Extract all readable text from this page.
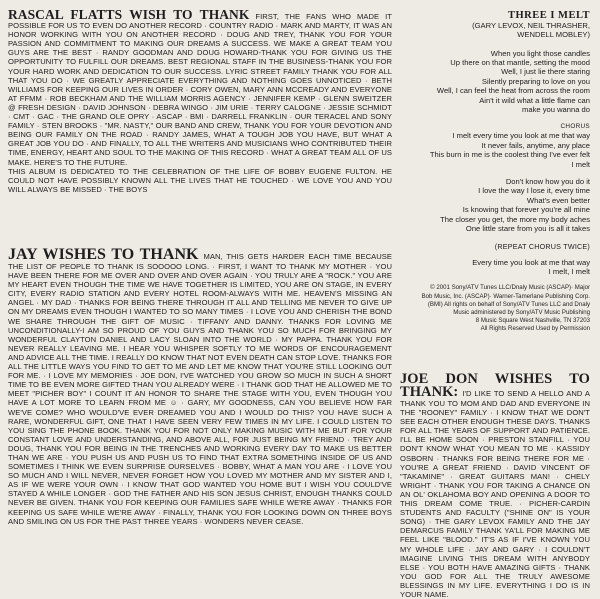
RASCAL FLATTS WISH TO THANK FIRST, THE FANS WHO MADE IT POSSIBLE FOR US TO EVEN DO ANOTHER RECORD · COUNTRY RADIO · MARK AND MARTY, IT WAS AN HONOR WORKING WITH YOU ON ANOTHER RECORD · DOUG AND TREY, THANK YOU FOR YOUR PASSION AND COMMITMENT TO MAKING OUR DREAMS A SUCCESS. WE MAKE A GREAT TEAM YOU GUYS ARE THE BEST · RANDY GOODMAN AND DOUG HOWARD-THANK YOU FOR GIVING US THE OPPORTUNITY TO FULFILL OUR DREAMS. BEST REGIONAL STAFF IN THE BUSINESS-THANK YOU FOR YOUR HARD WORK AND DEDICATION TO OUR SUCCESS. LYRIC STREET FAMILY THANK YOU FOR ALL THAT YOU DO · WE GREATLY APPRECIATE EVERYTHING AND NOTHING GOES UNNOTICED · BETH WILLIAMS FOR KEEPING OUR LIVES IN ORDER · CORY OWEN, MARY ANN MCCREADY AND EVERYONE AT FFMM · ROB BECKHAM AND THE WILLIAM MORRIS AGENCY · JENNIFER KEMP · GLENN SWEITZER @ FRESH DESIGN · DAVID JOHNSON · DEBRA WINGO · JIM URIE · TERRY CALOGNE · JESSIE SCHMIDT · CMT · GAC · THE GRAND OLE OPRY · ASCAP · BMI · DARRELL FRANKLIN · OUR TERACEL AND SONY FAMILY · STEN BROOKS · "MR. NASTY," OUR BAND AND CREW, THANK YOU FOR YOUR DEVOTION AND BEING OUR FAMILY ON THE ROAD · RANDY JAMES, WHAT A TOUGH JOB YOU HAVE, BUT WHAT A GREAT JOB YOU DO · AND FINALLY, TO ALL THE WRITERS AND MUSICIANS WHO CONTRIBUTED THEIR TIME, ENERGY, HEART AND SOUL TO THE MAKING OF THIS RECORD · WHAT A GREAT TEAM ALL OF US MAKE. HERE'S TO THE FUTURE.

THIS ALBUM IS DEDICATED TO THE CELEBRATION OF THE LIFE OF BOBBY EUGENE FULTON. HE COULD NOT HAVE POSSIBLY KNOWN ALL THE LIVES THAT HE TOUCHED · WE LOVE YOU AND YOU WILL ALWAYS BE MISSED · THE BOYS

JAY WISHES TO THANK MAN, THIS GETS HARDER EACH TIME BECAUSE THE LIST OF PEOPLE TO THANK IS SOOOOO LONG. · FIRST, I WANT TO THANK MY MOTHER · YOU HAVE BEEN THERE FOR ME OVER AND OVER AND OVER AGAIN · YOU TRULY ARE A "ROCK." YOU ARE MY HEART EVEN THOUGH THE TIME WE HAVE TOGETHER IS LIMITED, YOU ARE ON STAGE, IN EVERY CITY, EVERY RADIO STATION AND EVERY HOTEL ROOM-ALWAYS WITH ME. HEAVEN'S MISSING AN ANGEL · MY DAD · THANKS FOR BEING THERE THROUGH IT ALL AND TELLING ME NEVER TO GIVE UP ON MY DREAMS EVEN THOUGH I WANTED TO SO MANY TIMES · I LOVE YOU AND CHERISH THE BOND WE SHARE THROUGH THE GIFT OF MUSIC · TIFFANY AND DANNY. THANKS FOR LOVING ME UNCONDITIONALLY-I AM SO PROUD OF YOU GUYS AND THANK YOU SO MUCH FOR BRINGING MY WONDERFUL CLAYTON DANIEL AND LACY SLOAN INTO THE WORLD · MY PAPPA. THANK YOU FOR NEVER REALLY LEAVING ME. I HEAR YOU WHISPER SOFTLY TO ME WORDS OF ENCOURAGEMENT AND ADVICE ALL THE TIME. I REALLY DO KNOW THAT NOT EVEN DEATH CAN STOP LOVE. THANKS FOR ALL THE LITTLE WAYS YOU FIND TO GET TO ME AND LET ME KNOW THAT YOU'RE STILL LOOKING OUT FOR ME. · I LOVE MY MEMORIES · JOE DON, I'VE WATCHED YOU GROW SO MUCH IN SUCH A SHORT TIME TO BE EVEN MORE GIFTED THAN YOU ALREADY WERE · I THANK GOD THAT HE ALLOWED ME TO MEET "PICHER BOY" I COUNT IT AN HONOR TO SHARE THE STAGE WITH YOU, EVEN THOUGH YOU HAVE A LOT MORE TO LEARN FROM ME ☺ · GARY, MY GOODNESS, CAN YOU BELIEVE HOW FAR WE'VE COME? WHO WOULD'VE EVER DREAMED YOU AND I WOULD DO THIS? YOU HAVE SUCH A RARE, WONDERFUL GIFT, ONE THAT I HAVE SEEN VERY FEW TIMES IN MY LIFE. I COULD LISTEN TO YOU SING THE PHONE BOOK. THANK YOU FOR NOT ONLY MAKING MUSIC WITH ME BUT FOR YOUR CONSTANT LOVE AND UNDERSTANDING, AND ABOVE ALL, FOR JUST BEING MY FRIEND · TREY AND DOUG, THANK YOU FOR BEING IN THE TRENCHES AND WORKING EVERY DAY TO MAKE US BETTER THAN WE ARE · YOU PUSH US AND PUSH US TO FIND THAT EXTRA SOMETHING INSIDE OF US AND SOMETIMES I THINK WE EVEN SURPRISE OURSELVES · BOBBY, WHAT A MAN YOU ARE · I LOVE YOU SO MUCH AND I WILL NEVER, NEVER FORGET HOW YOU LOVED MY MOTHER AND MY SISTER AND I, AS IF WE WERE YOUR OWN · I KNOW THAT GOD WANTED YOU HOME BUT I WISH YOU COULD'VE STAYED A WHILE LONGER · GOD THE FATHER AND HIS SON JESUS CHRIST, ENOUGH THANKS COULD NEVER BE GIVEN. THANK YOU FOR KEEPING OUR FAMILIES SAFE WHILE WE'RE AWAY · THANKS FOR KEEPING US SAFE WHILE WE'RE AWAY · FINALLY, THANK YOU FOR LOOKING DOWN ON THREE BOYS AND SMILING ON US FOR THE PAST THREE YEARS · WONDERS NEVER CEASE.

THREE I MELT

(GARY LEVOX, NEIL THRASHER,

WENDELL MOBLEY)

When you light those candles
Up there on that mantle, setting the mood
Well, I just lie there staring
Silently preparing to love on you
Well, I can feel the heat from across the room
Ain't it wild what a little flame can
make you wanna do
CHORUS
I melt every time you look at me that way
It never fails, anytime, any place
This burn in me is the coolest thing I've ever felt
I melt
Don't know how you do it
I love the way I lose it, every time
What's even better
Is knowing that forever you're all mine
The closer you get, the more my body aches
One little stare from you is all it takes
(REPEAT CHORUS TWICE)
Every time you look at me that way
I melt, I melt
© 2001 Sony/ATV Tunes LLC/Dnaly Music (ASCAP)· Major
Bob Music, Inc. (ASCAP)· Warner-Tamerlane Publishing Corp.
(BMI) All rights on behalf of Sony/ATV Tunes LLC and Dnaly
Music administered by Sony/ATV Music Publishing
8 Music Square West Nashville, TN 37203
All Rights Reserved Used by Permission

JOE DON WISHES TO THANK: I'D LIKE TO SEND A HELLO AND A THANK YOU TO MOM AND DAD AND EVERYONE IN THE "ROONEY" FAMILY · I KNOW THAT WE DON'T SEE EACH OTHER ENOUGH THESE DAYS. THANKS FOR ALL THE YEARS OF SUPPORT AND PATIENCE. I'LL BE HOME SOON · PRESTON STANFILL · YOU DON'T KNOW WHAT YOU MEAN TO ME · KASSIDY OSBORN · THANKS FOR BEING THERE FOR ME · YOU'RE A GREAT FRIEND · DAVID VINCENT OF "TAKAMINE" · GREAT GUITARS MAN! · CHELY WRIGHT · THANK YOU FOR TAKING A CHANCE ON AN OL' OKLAHOMA BOY AND OPENING A DOOR TO THIS DREAM COME TRUE. · PICHER-CARDIN STUDENTS AND FACULTY ("SHINE ON" IS YOUR SONG) · THE GARY LEVOX FAMILY AND THE JAY DEMARCUS FAMILY THANK YA'LL FOR MAKING ME FEEL LIKE "BLOOD." IT'S AS IF I'VE KNOWN YOU MY WHOLE LIFE · JAY AND GARY · I COULDN'T IMAGINE LIVING THIS DREAM WITH ANYBODY ELSE · YOU BOTH HAVE AMAZING GIFTS · THANK YOU GOD FOR ALL THE TRULY AWESOME BLESSINGS IN MY LIFE. EVERYTHING I DO IS IN YOUR NAME.
